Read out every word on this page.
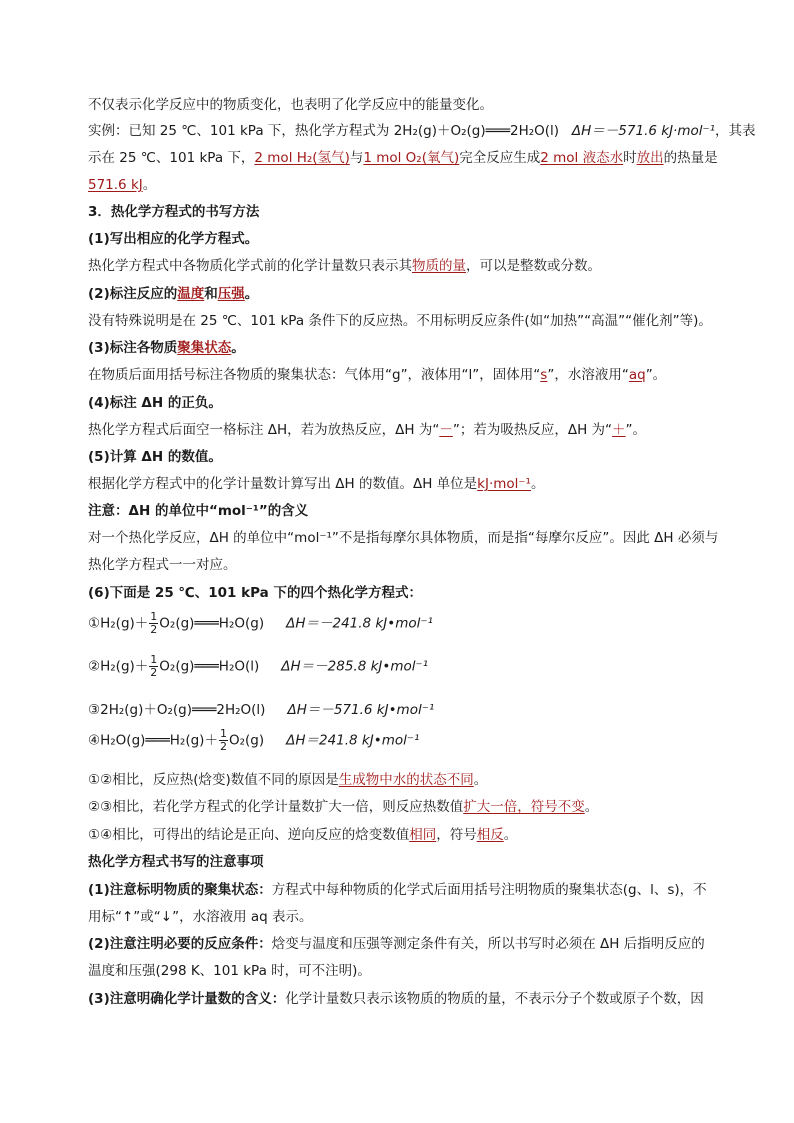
不仅表示化学反应中的物质变化，也表明了化学反应中的能量变化。
实例：已知 25 ℃、101 kPa 下，热化学方程式为 2H₂(g)＋O₂(g)═══2H₂O(l) ΔH＝－571.6 kJ·mol⁻¹，其表
示在 25 ℃、101 kPa 下，2 mol H₂(氢气)与1 mol O₂(氧气)完全反应生成2 mol 液态水时放出的热量是
571.6 kJ。
3．热化学方程式的书写方法
(1)写出相应的化学方程式。
热化学方程式中各物质化学式前的化学计量数只表示其物质的量，可以是整数或分数。
(2)标注反应的温度和压强。
没有特殊说明是在 25 ℃、101 kPa 条件下的反应热。不用标明反应条件(如“加热”“高温”“催化剂”等)。
(3)标注各物质聚集状态。
在物质后面用括号标注各物质的聚集状态：气体用“g”，液体用“l”，固体用“s”，水溶液用“aq”。
(4)标注 ΔH 的正负。
热化学方程式后面空一格标注 ΔH，若为放热反应，ΔH 为“－”；若为吸热反应，ΔH 为“＋”。
(5)计算 ΔH 的数值。
根据化学方程式中的化学计量数计算写出 ΔH 的数值。ΔH 单位是kJ·mol⁻¹。
注意：ΔH 的单位中“mol⁻¹”的含义
对一个热化学反应，ΔH 的单位中“mol⁻¹”不是指每摩尔具体物质，而是指“每摩尔反应”。因此 ΔH 必须与
热化学方程式一一对应。
(6)下面是 25 ℃、101 kPa 下的四个热化学方程式：
①H₂(g)＋ $\frac{1}{2}$ O₂(g)═══H₂O(g) ΔH＝－241.8 kJ•mol⁻¹
②H₂(g)＋ $\frac{1}{2}$ O₂(g)═══H₂O(l) ΔH＝－285.8 kJ•mol⁻¹
③2H₂(g)＋O₂(g)═══2H₂O(l) ΔH＝－571.6 kJ•mol⁻¹
④H₂O(g)═══H₂(g)＋ $\frac{1}{2} O_2(g)$ ΔH＝241.8 kJ•mol⁻¹
①②相比，反应热(焓变)数值不同的原因是生成物中水的状态不同。
②③相比，若化学方程式的化学计量数扩大一倍，则反应热数值扩大一倍，符号不变。
①④相比，可得出的结论是正向、逆向反应的焓变数值相同，符号相反。
热化学方程式书写的注意事项
(1)注意标明物质的聚集状态：方程式中每种物质的化学式后面用括号注明物质的聚集状态(g、l、s)，不
用标“↑”或“↓”，水溶液用 aq 表示。
(2)注意注明必要的反应条件：焓变与温度和压强等测定条件有关，所以书写时必须在 ΔH 后指明反应的
温度和压强(298 K、101 kPa 时，可不注明)。
(3)注意明确化学计量数的含义：化学计量数只表示该物质的物质的量，不表示分子个数或原子个数，因
